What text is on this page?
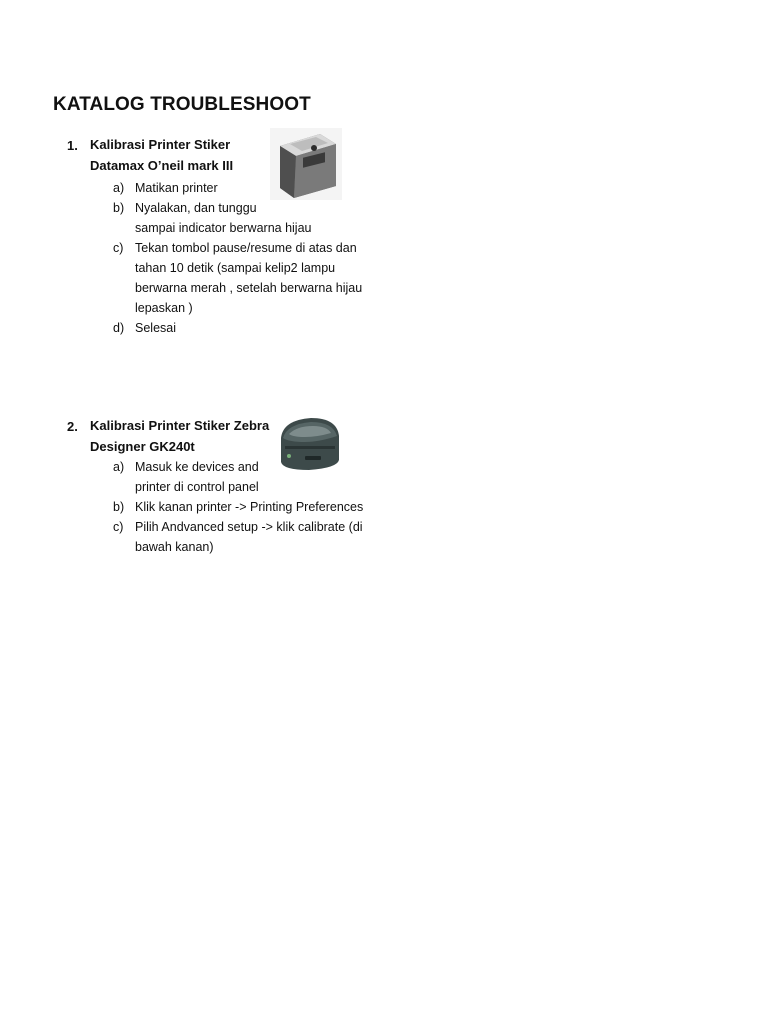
KATALOG TROUBLESHOOT
1. Kalibrasi Printer Stiker
Datamax O’neil mark III
a) Matikan printer
b) Nyalakan, dan tunggu
sampai indicator berwarna hijau
c) Tekan tombol pause/resume di atas dan
tahan 10 detik (sampai kelip2 lampu
berwarna merah , setelah berwarna hijau
lepaskan )
d) Selesai
2. Kalibrasi Printer Stiker Zebra
Designer GK240t
a) Masuk ke devices and
printer di control panel
b) Klik kanan printer -> Printing Preferences
c) Pilih Andvanced setup -> klik calibrate (di
bawah kanan)
